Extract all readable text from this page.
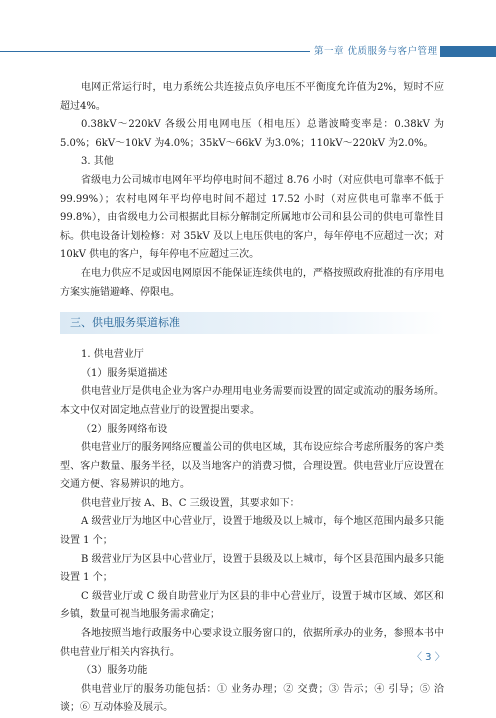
第一章 优质服务与客户管理

电网正常运行时，电力系统公共连接点负序电压不平衡度允许值为2%，短时不应超过4%。

0.38kV～220kV 各级公用电网电压（相电压）总谐波畸变率是：0.38kV 为5.0%；6kV～10kV 为4.0%；35kV～66kV 为3.0%；110kV～220kV 为2.0%。

3. 其他

省级电力公司城市电网年平均停电时间不超过 8.76 小时（对应供电可靠率不低于99.99%）；农村电网年平均停电时间不超过 17.52 小时（对应供电可靠率不低于 99.8%），由省级电力公司根据此目标分解制定所属地市公司和县公司的供电可靠性目标。供电设备计划检修：对 35kV 及以上电压供电的客户，每年停电不应超过一次；对 10kV 供电的客户，每年停电不应超过三次。

在电力供应不足或因电网原因不能保证连续供电的，严格按照政府批准的有序用电方案实施错避峰、停限电。

三、供电服务渠道标准

1. 供电营业厅

（1）服务渠道描述

供电营业厅是供电企业为客户办理用电业务需要而设置的固定或流动的服务场所。本文中仅对固定地点营业厅的设置提出要求。

（2）服务网络布设

供电营业厅的服务网络应覆盖公司的供电区域，其布设应综合考虑所服务的客户类型、客户数量、服务半径，以及当地客户的消费习惯，合理设置。供电营业厅应设置在交通方便、容易辨识的地方。

供电营业厅按 A、B、C 三级设置，其要求如下：

A 级营业厅为地区中心营业厅，设置于地级及以上城市，每个地区范围内最多只能设置 1 个；

B 级营业厅为区县中心营业厅，设置于县级及以上城市，每个区县范围内最多只能设置 1 个；

C 级营业厅或 C 级自助营业厅为区县的非中心营业厅，设置于城市区域、郊区和乡镇，数量可视当地服务需求确定；

各地按照当地行政服务中心要求设立服务窗口的，依据所承办的业务，参照本书中供电营业厅相关内容执行。

（3）服务功能

供电营业厅的服务功能包括：① 业务办理；② 交费；③ 告示；④ 引导；⑤ 洽谈；⑥ 互动体验及展示。

〈 3 〉
